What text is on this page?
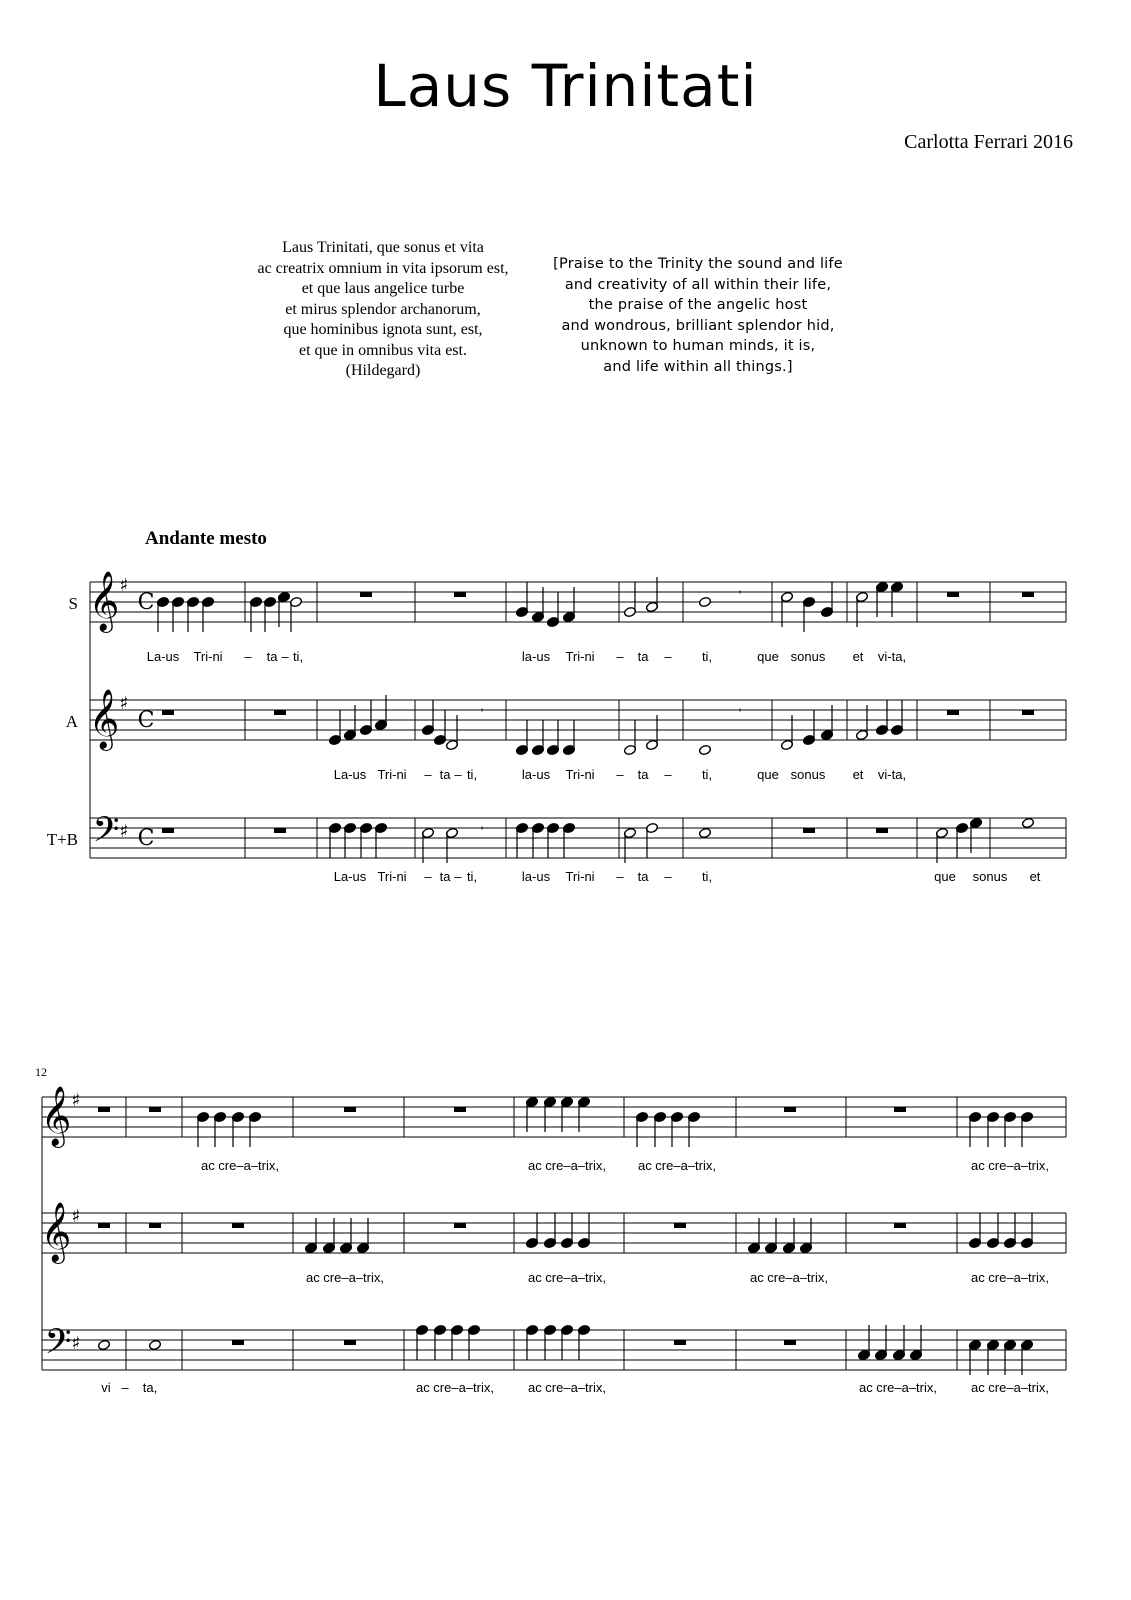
Laus Trinitati
Carlotta Ferrari 2016
Laus Trinitati, que sonus et vita
ac creatrix omnium in vita ipsorum est,
et que laus angelice turbe
et mirus splendor archanorum,
que hominibus ignota sunt, est,
et que in omnibus vita est.
(Hildegard)
[Praise to the Trinity the sound and life
and creativity of all within their life,
the praise of the angelic host
and wondrous, brilliant splendor hid,
unknown to human minds, it is,
and life within all things.]
Andante mesto
𝄞 ♯
𝄞 ♯
𝄢 ♯
C
C
C
𝄞 ♯
𝄞 ♯
𝄢 ♯
,
,	,
,
S
A
T+B
La-us Tri-ni – ta – ti,	la-us Tri-ni – ta – ti,	que sonus et vi-ta,
La-us Tri-ni – ta – ti,	la-us Tri-ni – ta – ti,	que sonus et vi-ta,
La-us Tri-ni – ta – ti,	la-us Tri-ni – ta – ti,	que sonus et
12
ac cre–a–trix,	ac cre–a–trix, ac cre–a–trix,	ac cre–a–trix,
ac cre–a–trix,	ac cre–a–trix,	ac cre–a–trix,	ac cre–a–trix,
vi – ta,	ac cre–a–trix,	ac cre–a–trix,	ac cre–a–trix,	ac cre–a–trix,
